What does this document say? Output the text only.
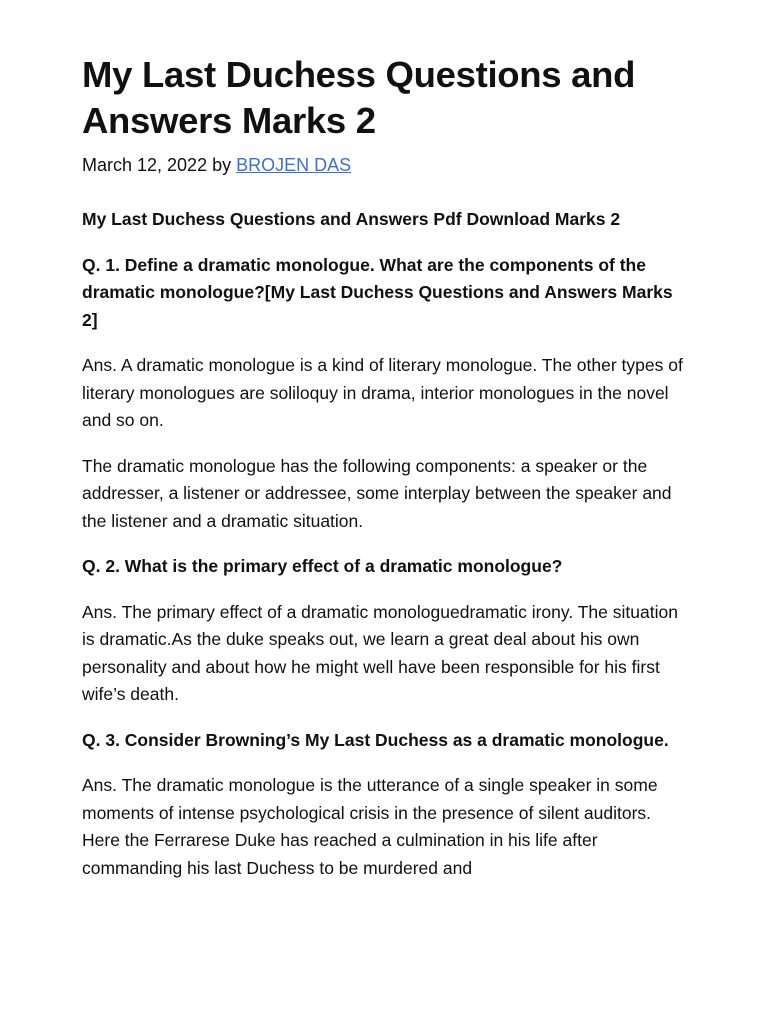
My Last Duchess Questions and Answers Marks 2
March 12, 2022 by BROJEN DAS

My Last Duchess Questions and Answers Pdf Download Marks 2

Q. 1. Define a dramatic monologue. What are the components of the dramatic monologue?[My Last Duchess Questions and Answers Marks 2]

Ans. A dramatic monologue is a kind of literary monologue. The other types of literary monologues are soliloquy in drama, interior monologues in the novel and so on.

The dramatic monologue has the following components: a speaker or the addresser, a listener or addressee, some interplay between the speaker and the listener and a dramatic situation.

Q. 2. What is the primary effect of a dramatic monologue?

Ans. The primary effect of a dramatic monologuedramatic irony. The situation is dramatic.As the duke speaks out, we learn a great deal about his own personality and about how he might well have been responsible for his first wife’s death.

Q. 3. Consider Browning’s My Last Duchess as a dramatic monologue.

Ans. The dramatic monologue is the utterance of a single speaker in some moments of intense psychological crisis in the presence of silent auditors. Here the Ferrarese Duke has reached a culmination in his life after commanding his last Duchess to be murdered and
